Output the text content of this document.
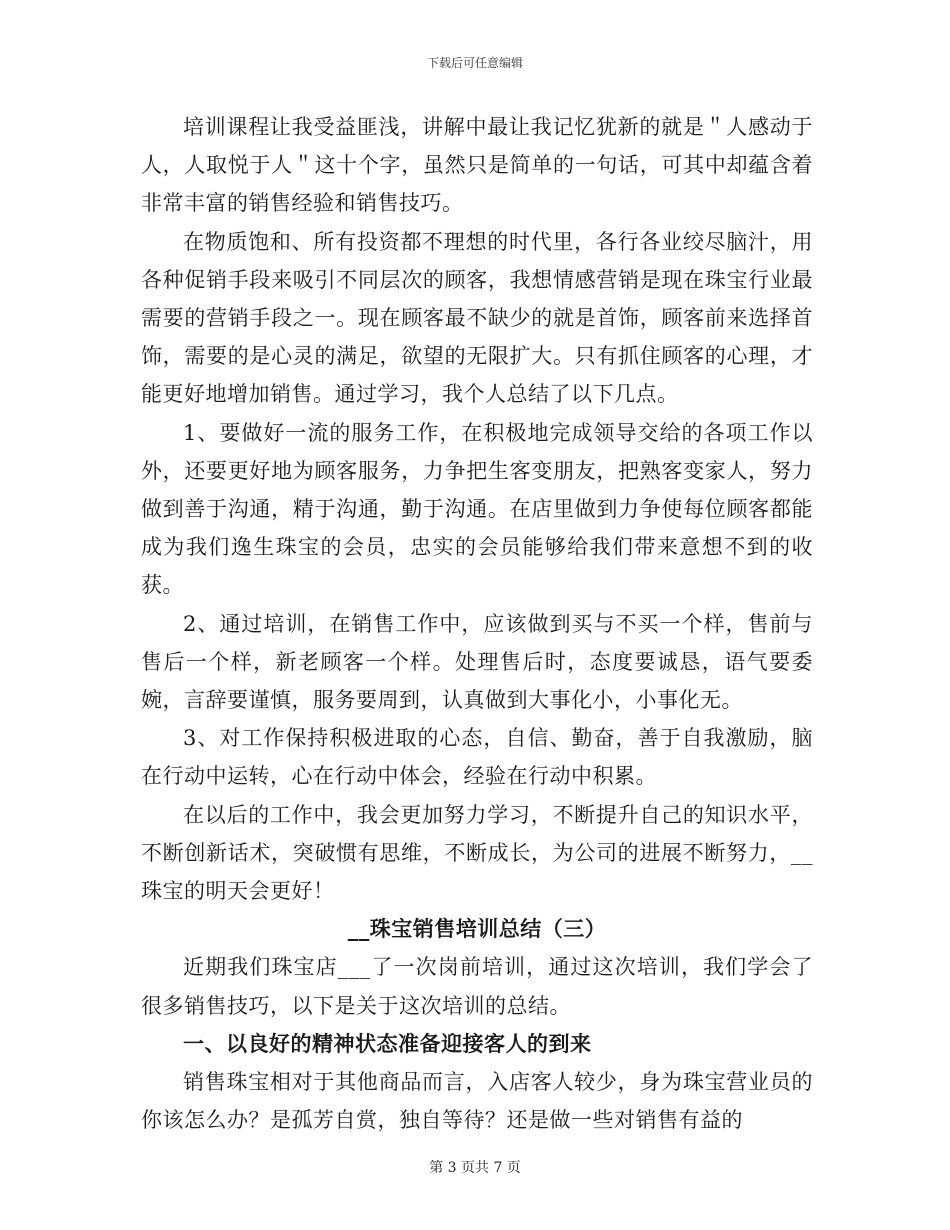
下载后可任意编辑

培训课程让我受益匪浅，讲解中最让我记忆犹新的就是＂人感动于人，人取悦于人＂这十个字，虽然只是简单的一句话，可其中却蕴含着非常丰富的销售经验和销售技巧。

在物质饱和、所有投资都不理想的时代里，各行各业绞尽脑汁，用各种促销手段来吸引不同层次的顾客，我想情感营销是现在珠宝行业最需要的营销手段之一。现在顾客最不缺少的就是首饰，顾客前来选择首饰，需要的是心灵的满足，欲望的无限扩大。只有抓住顾客的心理，才能更好地增加销售。通过学习，我个人总结了以下几点。

1、要做好一流的服务工作，在积极地完成领导交给的各项工作以外，还要更好地为顾客服务，力争把生客变朋友，把熟客变家人，努力做到善于沟通，精于沟通，勤于沟通。在店里做到力争使每位顾客都能成为我们逸生珠宝的会员，忠实的会员能够给我们带来意想不到的收获。

2、通过培训，在销售工作中，应该做到买与不买一个样，售前与售后一个样，新老顾客一个样。处理售后时，态度要诚恳，语气要委婉，言辞要谨慎，服务要周到，认真做到大事化小，小事化无。

3、对工作保持积极进取的心态，自信、勤奋，善于自我激励，脑在行动中运转，心在行动中体会，经验在行动中积累。

在以后的工作中，我会更加努力学习，不断提升自己的知识水平，不断创新话术，突破惯有思维，不断成长，为公司的进展不断努力，__珠宝的明天会更好！

__珠宝销售培训总结（三）

近期我们珠宝店___了一次岗前培训，通过这次培训，我们学会了很多销售技巧，以下是关于这次培训的总结。

一、以良好的精神状态准备迎接客人的到来

销售珠宝相对于其他商品而言，入店客人较少，身为珠宝营业员的你该怎么办？是孤芳自赏，独自等待？还是做一些对销售有益的

第 3 页共 7 页
